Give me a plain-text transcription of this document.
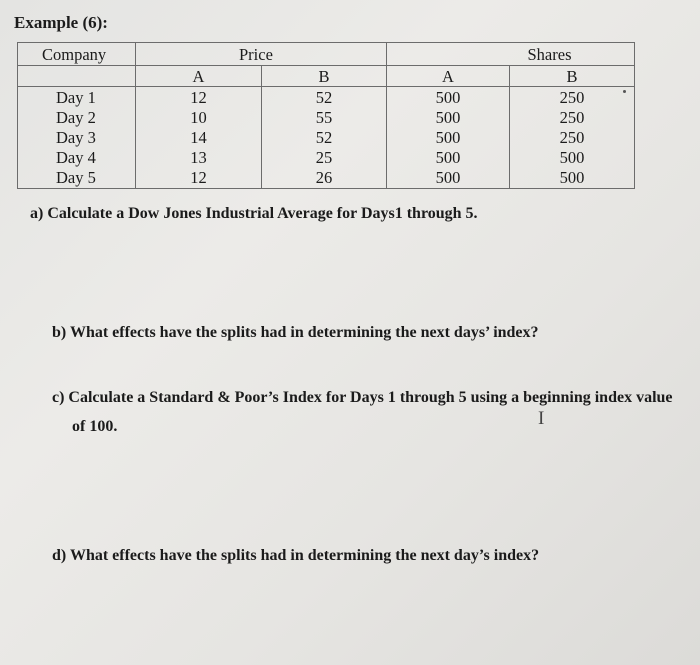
Example (6):
Company	Price		Shares	
	A	B	A	B
Day 1	12	52	500	250
Day 2	10	55	500	250
Day 3	14	52	500	250
Day 4	13	25	500	500
Day 5	12	26	500	500
a) Calculate a Dow Jones Industrial Average for Days1 through 5.
b) What effects have the splits had in determining the next days’ index?
c) Calculate a Standard & Poor’s Index for Days 1 through 5 using a beginning index value
of 100.	I
d) What effects have the splits had in determining the next day’s index?
